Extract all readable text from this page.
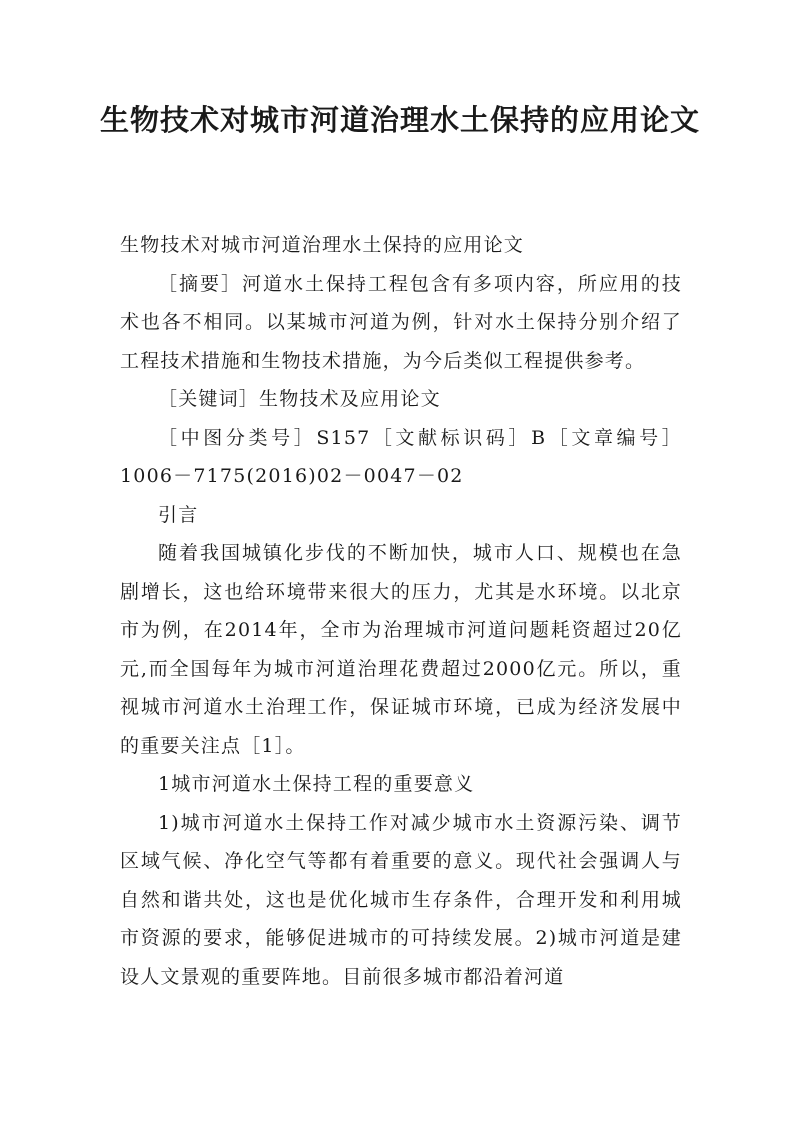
生物技术对城市河道治理水土保持的应用论文

生物技术对城市河道治理水土保持的应用论文

［摘要］河道水土保持工程包含有多项内容，所应用的技术也各不相同。以某城市河道为例，针对水土保持分别介绍了工程技术措施和生物技术措施，为今后类似工程提供参考。

［关键词］生物技术及应用论文

［中图分类号］S157［文献标识码］B［文章编号］1006－7175(2016)02－0047－02

引言

随着我国城镇化步伐的不断加快，城市人口、规模也在急剧增长，这也给环境带来很大的压力，尤其是水环境。以北京市为例，在2014年，全市为治理城市河道问题耗资超过20亿元,而全国每年为城市河道治理花费超过2000亿元。所以，重视城市河道水土治理工作，保证城市环境，已成为经济发展中的重要关注点［1］。

1城市河道水土保持工程的重要意义

1)城市河道水土保持工作对减少城市水土资源污染、调节区域气候、净化空气等都有着重要的意义。现代社会强调人与自然和谐共处，这也是优化城市生存条件，合理开发和利用城市资源的要求，能够促进城市的可持续发展。2)城市河道是建设人文景观的重要阵地。目前很多城市都沿着河道
